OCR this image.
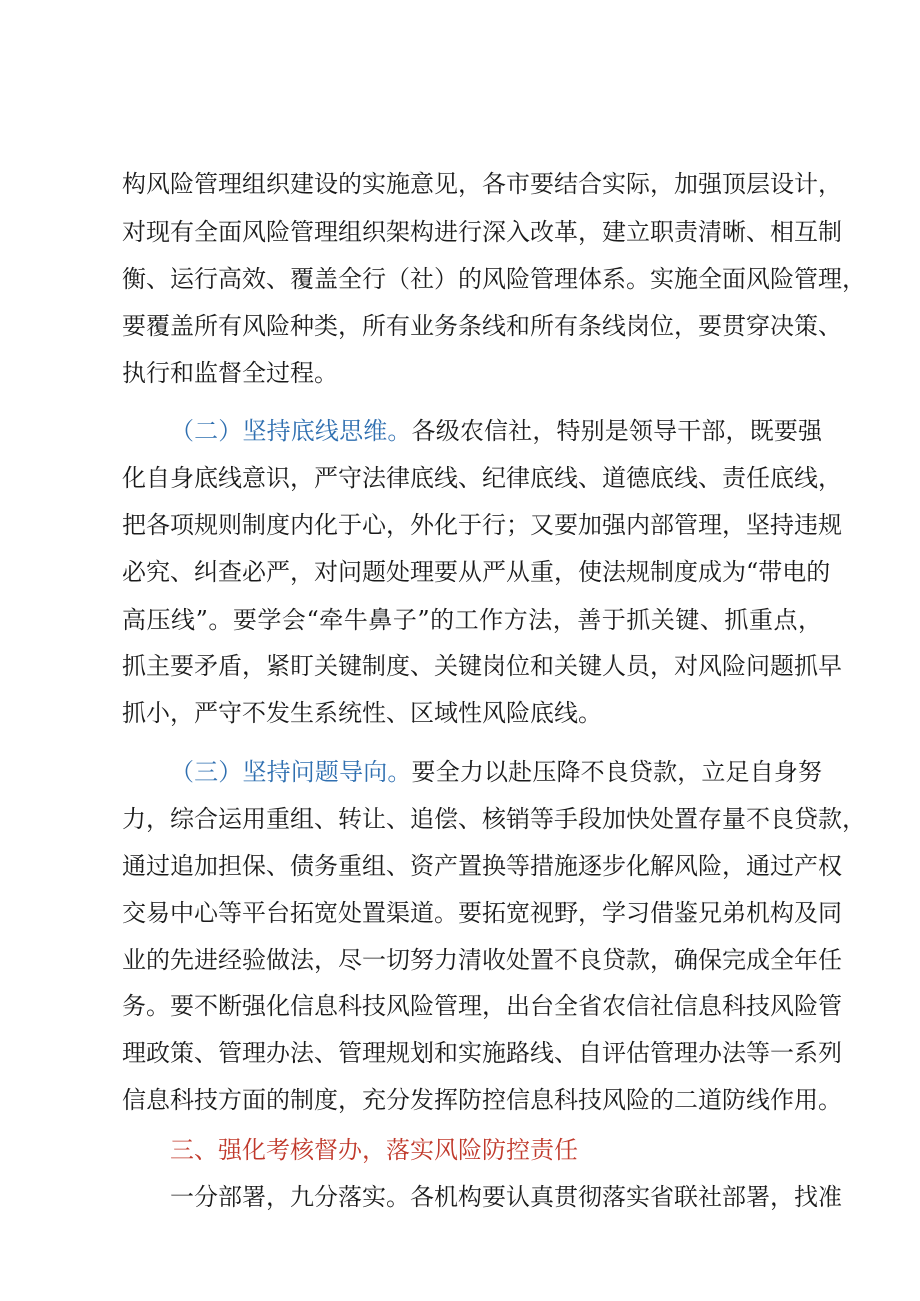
构风险管理组织建设的实施意见，各市要结合实际，加强顶层设计，
对现有全面风险管理组织架构进行深入改革，建立职责清晰、相互制
衡、运行高效、覆盖全行（社）的风险管理体系。实施全面风险管理，
要覆盖所有风险种类，所有业务条线和所有条线岗位，要贯穿决策、
执行和监督全过程。
（二）坚持底线思维。各级农信社，特别是领导干部，既要强
化自身底线意识，严守法律底线、纪律底线、道德底线、责任底线，
把各项规则制度内化于心，外化于行；又要加强内部管理，坚持违规
必究、纠查必严，对问题处理要从严从重，使法规制度成为“带电的
高压线”。要学会“牵牛鼻子”的工作方法，善于抓关键、抓重点，
抓主要矛盾，紧盯关键制度、关键岗位和关键人员，对风险问题抓早
抓小，严守不发生系统性、区域性风险底线。
（三）坚持问题导向。要全力以赴压降不良贷款，立足自身努
力，综合运用重组、转让、追偿、核销等手段加快处置存量不良贷款，
通过追加担保、债务重组、资产置换等措施逐步化解风险，通过产权
交易中心等平台拓宽处置渠道。要拓宽视野，学习借鉴兄弟机构及同
业的先进经验做法，尽一切努力清收处置不良贷款，确保完成全年任
务。要不断强化信息科技风险管理，出台全省农信社信息科技风险管
理政策、管理办法、管理规划和实施路线、自评估管理办法等一系列
信息科技方面的制度，充分发挥防控信息科技风险的二道防线作用。
三、强化考核督办，落实风险防控责任
一分部署，九分落实。各机构要认真贯彻落实省联社部署，找准
